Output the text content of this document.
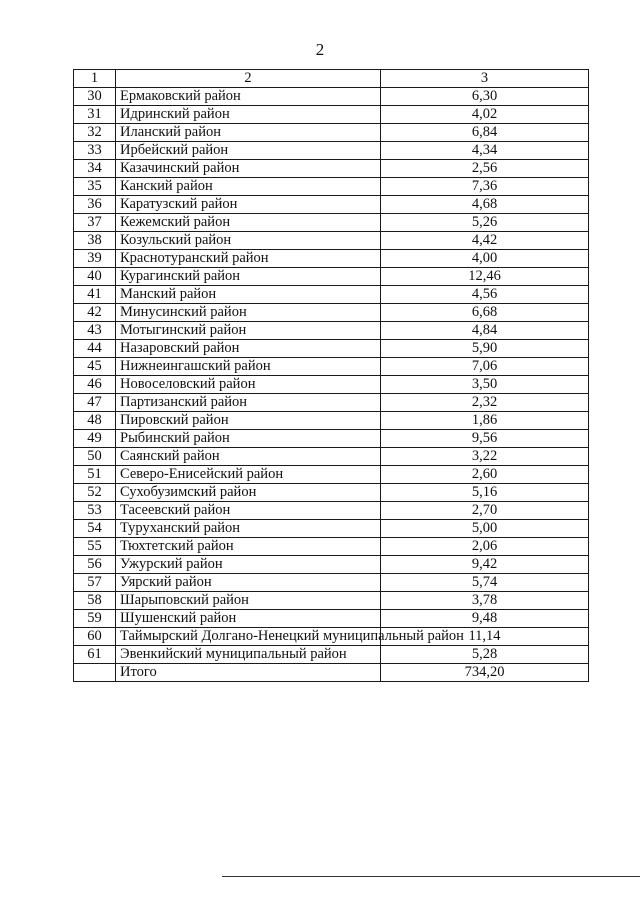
2
1	2	3
30	Ермаковский район	6,30
31	Идринский район	4,02
32	Иланский район	6,84
33	Ирбейский район	4,34
34	Казачинский район	2,56
35	Канский район	7,36
36	Каратузский район	4,68
37	Кежемский район	5,26
38	Козульский район	4,42
39	Краснотуранский район	4,00
40	Курагинский район	12,46
41	Манский район	4,56
42	Минусинский район	6,68
43	Мотыгинский район	4,84
44	Назаровский район	5,90
45	Нижнеингашский район	7,06
46	Новоселовский район	3,50
47	Партизанский район	2,32
48	Пировский район	1,86
49	Рыбинский район	9,56
50	Саянский район	3,22
51	Северо-Енисейский район	2,60
52	Сухобузимский район	5,16
53	Тасеевский район	2,70
54	Туруханский район	5,00
55	Тюхтетский район	2,06
56	Ужурский район	9,42
57	Уярский район	5,74
58	Шарыповский район	3,78
59	Шушенский район	9,48
60	Таймырский Долгано-Ненецкий муниципальный район	11,14
61	Эвенкийский муниципальный район	5,28
	Итого	734,20
